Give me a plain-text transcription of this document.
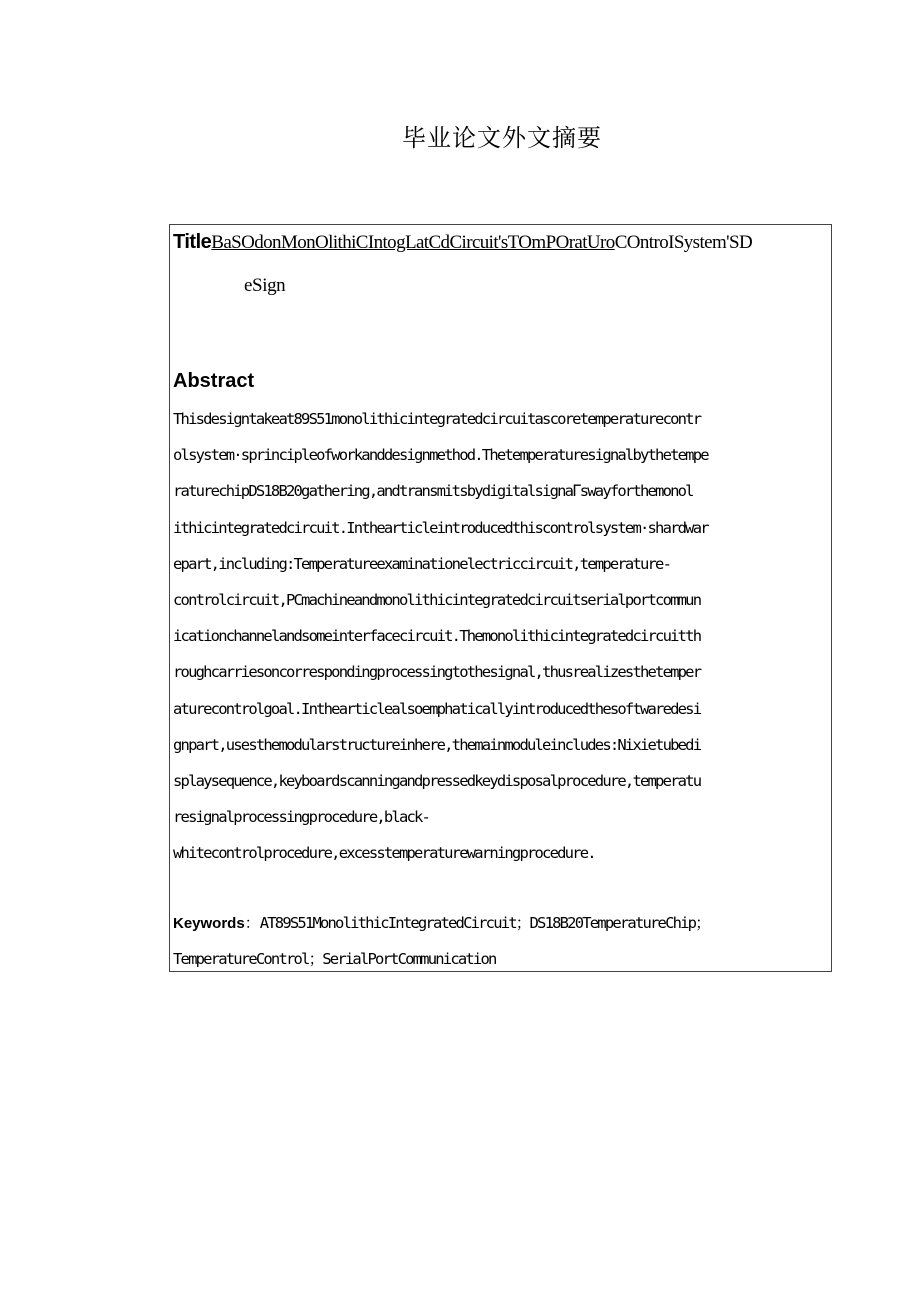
毕业论文外文摘要
TitleBaSOdonMonOlithiCIntogLatCdCircuit'sTOmPOratUroCOntroISystem'SD
eSign
Abstract
Thisdesigntakeat89S51monolithicintegratedcircuitascoretemperaturecontr
olsystem·sprincipleofworkanddesignmethod.Thetemperaturesignalbythetempe
raturechipDS18B20gathering,andtransmitsbydigitalsignaΓswayforthemonol
ithicintegratedcircuit.Inthearticleintroducedthiscontrolsystem·shardwar
epart,including:Temperatureexaminationelectriccircuit,temperature-
controlcircuit,PCmachineandmonolithicintegratedcircuitserialportcommun
icationchannelandsomeinterfacecircuit.Themonolithicintegratedcircuitth
roughcarriesoncorrespondingprocessingtothesignal,thusrealizesthetemper
aturecontrolgoal.Inthearticlealsoemphaticallyintroducedthesoftwaredesi
gnpart,usesthemodularstructureinhere,themainmoduleincludes:Nixietubedi
splaysequence,keyboardscanningandpressedkeydisposalprocedure,temperatu
resignalprocessingprocedure,black-
whitecontrolprocedure,excesstemperaturewarningprocedure.
Keywords：AT89S51MonolithicIntegratedCircuit；DS18B20TemperatureChip；
TemperatureControl；SerialPortCommunication
